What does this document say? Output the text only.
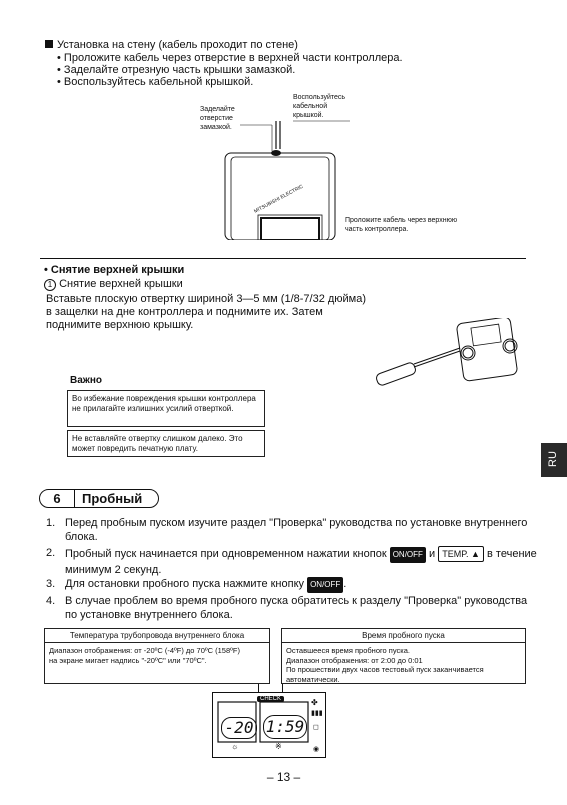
Установка на стену (кабель проходит по стене)
• Проложите кабель через отверстие в верхней части контроллера.
• Заделайте отрезную часть крышки замазкой.
• Воспользуйтесь кабельной крышкой.
Заделайте
отверстие
замазкой.
Воспользуйтесь
кабельной
крышкой.
Проложите кабель через верхнюю
часть контроллера.
MITSUBISHI ELECTRIC
• Снятие верхней крышки
1 Снятие верхней крышки
Вставьте плоскую отвертку шириной 3—5 мм (1/8-7/32 дюйма)
в защелки на дне контроллера и поднимите их. Затем
поднимите верхнюю крышку.
Важно
Во избежание повреждения крышки контроллера не прилагайте излишних усилий отверткой.
Не вставляйте отвертку слишком далеко. Это может повредить печатную плату.
RU
6	Пробный
1. Перед пробным пуском изучите раздел "Проверка" руководства по установке внутреннего блока.
2. Пробный пуск начинается при одновременном нажатии кнопок ON/OFF и TEMP. ▲ в течение минимум 2 секунд.
3. Для остановки пробного пуска нажмите кнопку ON/OFF .
4. В случае проблем во время пробного пуска обратитесь к разделу "Проверка" руководства по установке внутреннего блока.
Температура трубопровода внутреннего блока
Диапазон отображения: от -20ºC (-4ºF) до 70ºC (158ºF)
на экране мигает надпись "-20ºC" или "70ºC".
Время пробного пуска
Оставшееся время пробного пуска.
Диапазон отображения: от 2:00 до 0:01
По прошествии двух часов тестовый пуск заканчивается
автоматически.
CHECK
-20 1:59
☼	※
✤
▮▮▮
◻
◉
– 13 –
